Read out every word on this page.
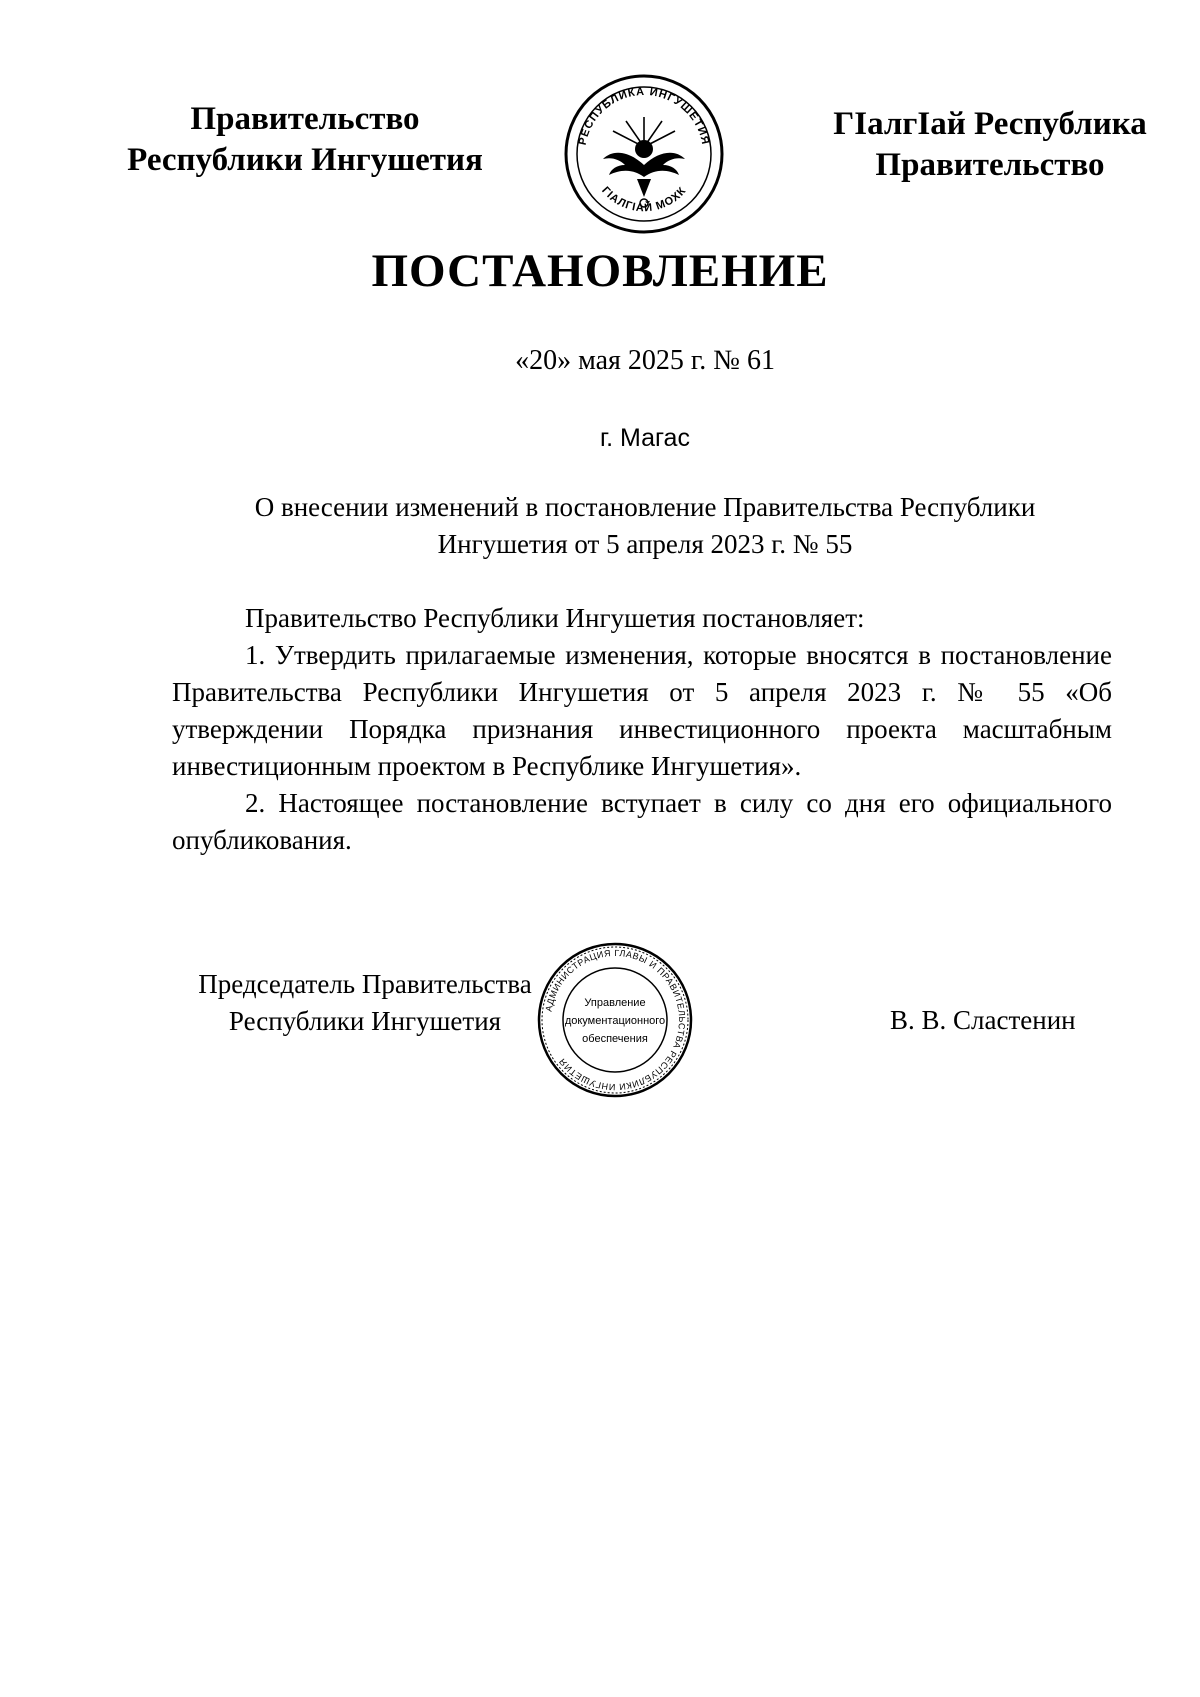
Правительство
Республики Ингушетия
РЕСПУБЛИКА ИНГУШЕТИЯ
ГIАЛГIАЙ МОХК
ГIалгIай Республика
Правительство
ПОСТАНОВЛЕНИЕ
«20» мая 2025 г. № 61
г. Магас
О внесении изменений в постановление Правительства Республики
Ингушетия от 5 апреля 2023 г. № 55

Правительство Республики Ингушетия постановляет:

1. Утвердить прилагаемые изменения, которые вносятся в постановление Правительства Республики Ингушетия от 5 апреля 2023 г. № 55 «Об утверждении Порядка признания инвестиционного проекта масштабным инвестиционным проектом в Республике Ингушетия».

2. Настоящее постановление вступает в силу со дня его официального опубликования.

Председатель Правительства
Республики Ингушетия	АДМИНИСТРАЦИЯ ГЛАВЫ И ПРАВИТЕЛЬСТВА РЕСПУБЛИКИ ИНГУШЕТИЯ
Управление
документационного
обеспечения
В. В. Сластенин
